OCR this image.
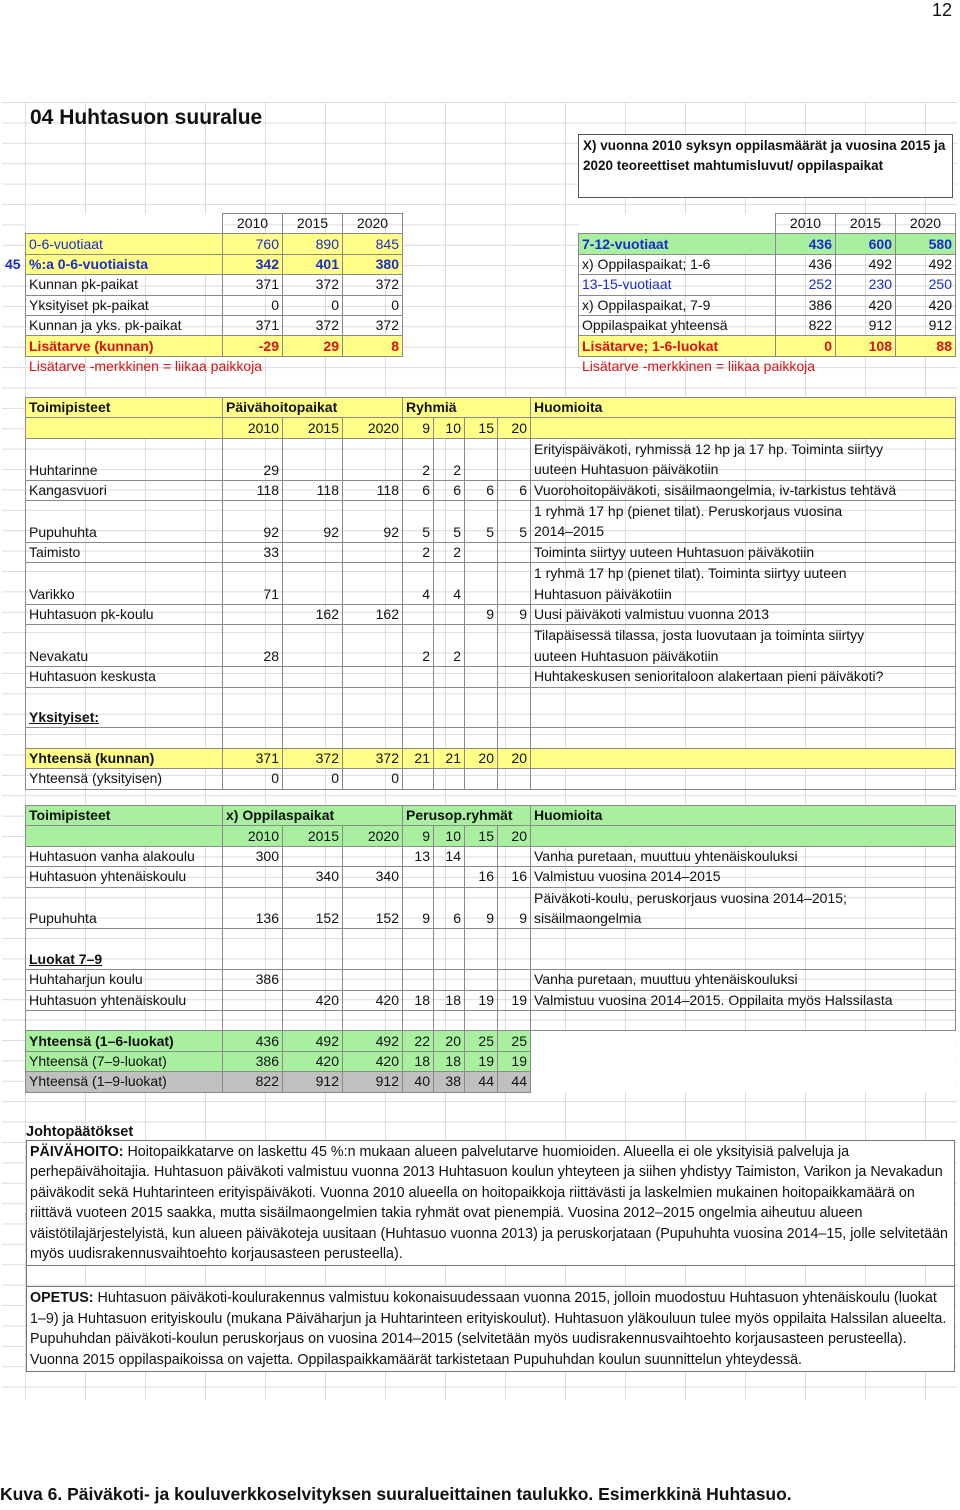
12
04 Huhtasuon suuralue
X) vuonna 2010 syksyn oppilasmäärät ja vuosina 2015 ja 2020 teoreettiset mahtumisluvut/ oppilaspaikat
45
	2010	2015	2020
0-6-vuotiaat	760	890	845
%:a 0-6-vuotiaista	342	401	380
Kunnan pk-paikat	371	372	372
Yksityiset pk-paikat	0	0	0
Kunnan ja yks. pk-paikat	371	372	372
Lisätarve (kunnan)	-29	29	8
Lisätarve -merkkinen = liikaa paikkoja
	2010	2015	2020
7-12-vuotiaat	436	600	580
x) Oppilaspaikat; 1-6	436	492	492
13-15-vuotiaat	252	230	250
x) Oppilaspaikat, 7-9	386	420	420
Oppilaspaikat yhteensä	822	912	912
Lisätarve; 1-6-luokat	0	108	88
Lisätarve -merkkinen = liikaa paikkoja
Toimipisteet	Päivähoitopaikat			Ryhmiä				Huomioita
	2010	2015	2020	9	10	15	20	
Huhtarinne	29			2	2			Erityispäiväkoti, ryhmissä 12 hp ja 17 hp. Toiminta siirtyy
uuteen Huhtasuon päiväkotiin

Kangasvuori	118	118	118	6	6	6	6	Vuorohoitopäiväkoti, sisäilmaongelmia, iv-tarkistus tehtävä
Pupuhuhta	92	92	92	5	5	5	5	1 ryhmä 17 hp (pienet tilat). Peruskorjaus vuosina
2014–2015

Taimisto	33			2	2			Toiminta siirtyy uuteen Huhtasuon päiväkotiin
Varikko	71			4	4			1 ryhmä 17 hp (pienet tilat). Toiminta siirtyy uuteen
Huhtasuon päiväkotiin

Huhtasuon pk-koulu		162	162			9	9	Uusi päiväkoti valmistuu vuonna 2013
Nevakatu	28			2	2			Tilapäisessä tilassa, josta luovutaan ja toiminta siirtyy
uuteen Huhtasuon päiväkotiin

Huhtasuon keskusta								Huhtakeskusen senioritaloon alakertaan pieni päiväkoti?
Yksityiset:								

Yhteensä (kunnan)	371	372	372	21	21	20	20	
Yhteensä (yksityisen)	0	0	0					
Toimipisteet	x) Oppilaspaikat			Perusop.ryhmät				Huomioita
	2010	2015	2020	9	10	15	20	
Huhtasuon vanha alakoulu	300			13	14			Vanha puretaan, muuttuu yhtenäiskouluksi
Huhtasuon yhtenäiskoulu		340	340			16	16	Valmistuu vuosina 2014–2015
Pupuhuhta	136	152	152	9	6	9	9	Päiväkoti-koulu, peruskorjaus vuosina 2014–2015;
sisäilmaongelmia

Luokat 7–9								
Huhtaharjun koulu	386							Vanha puretaan, muuttuu yhtenäiskouluksi
Huhtasuon yhtenäiskoulu		420	420	18	18	19	19	Valmistuu vuosina 2014–2015. Oppilaita myös Halssilasta

Yhteensä (1–6-luokat)	436	492	492	22	20	25	25	
Yhteensä (7–9-luokat)	386	420	420	18	18	19	19	
Yhteensä (1–9-luokat)	822	912	912	40	38	44	44	
Johtopäätökset
PÄIVÄHOITO: Hoitopaikkatarve on laskettu 45 %:n mukaan alueen palvelutarve huomioiden. Alueella ei ole yksityisiä palveluja ja perhepäivähoitajia. Huhtasuon päiväkoti valmistuu vuonna 2013 Huhtasuon koulun yhteyteen ja siihen yhdistyy Taimiston, Varikon ja Nevakadun päiväkodit sekä Huhtarinteen erityispäiväkoti. Vuonna 2010 alueella on hoitopaikkoja riittävästi ja laskelmien mukainen hoitopaikkamäärä on riittävä vuoteen 2015 saakka, mutta sisäilmaongelmien takia ryhmät ovat pienempiä. Vuosina 2012–2015 ongelmia aiheutuu alueen väistötilajärjestelyistä, kun alueen päiväkoteja uusitaan (Huhtasuo vuonna 2013) ja peruskorjataan (Pupuhuhta vuosina 2014–15, jolle selvitetään myös uudisrakennusvaihtoehto korjausasteen perusteella).
OPETUS: Huhtasuon päiväkoti-koulurakennus valmistuu kokonaisuudessaan vuonna 2015, jolloin muodostuu Huhtasuon yhtenäiskoulu (luokat 1–9) ja Huhtasuon erityiskoulu (mukana Päiväharjun ja Huhtarinteen erityiskoulut). Huhtasuon yläkouluun tulee myös oppilaita Halssilan alueelta. Pupuhuhdan päiväkoti-koulun peruskorjaus on vuosina 2014–2015 (selvitetään myös uudisrakennusvaihtoehto korjausasteen perusteella). Vuonna 2015 oppilaspaikoissa on vajetta. Oppilaspaikkamäärät tarkistetaan Pupuhuhdan koulun suunnittelun yhteydessä.
Kuva 6. Päiväkoti- ja kouluverkkoselvityksen suuralueittainen taulukko. Esimerkkinä Huhtasuo.
